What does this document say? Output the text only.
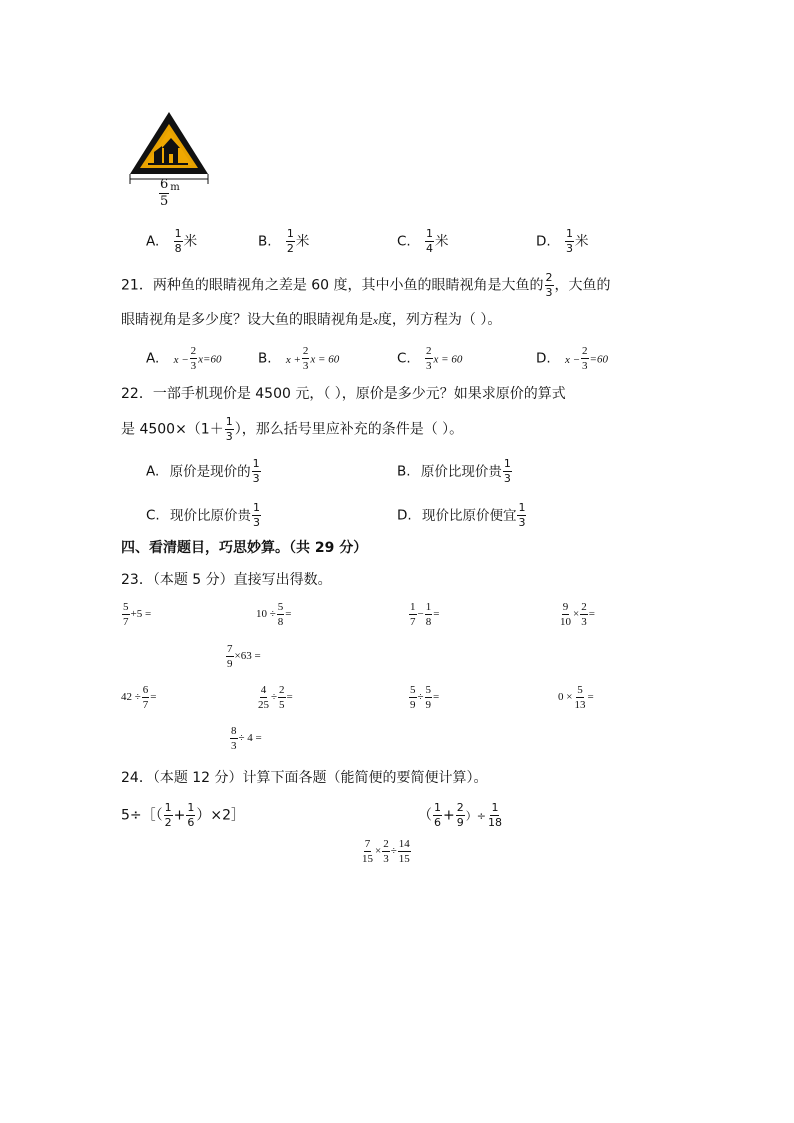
$\frac{6}{5} ^m$
A. $\frac{1}{8}$ 米	B. $\frac{1}{2}$ 米	C. $\frac{1}{4}$ 米	D. $\frac{1}{3}$ 米
21．两种鱼的眼睛视角之差是 60 度，其中小鱼的眼睛视角是大鱼的 $\frac{2}{3}$ ，大鱼的
眼睛视角是多少度？设大鱼的眼睛视角是x度，列方程为（ ）。
A. $x - \frac{2}{3} x=60$	B. $x + \frac{2}{3}$ x = 60	C. $\frac{2}{3}$ x = 60	D. $x - \frac{2}{3} =60$
22．一部手机现价是 4500 元，（ ），原价是多少元？如果求原价的算式
是 $4500\times(1+ \frac{1}{3}$ ），那么括号里应补充的条件是（ ）。
A. 原价是现价的 $\frac{1}{3}$	B. 原价比现价贵 $\frac{1}{3}$
C. 现价比原价贵 $\frac{1}{3}$	D. 现价比原价便宜 $\frac{1}{3}$
四、看清题目，巧思妙算。（共 29 分）
23．（本题 5 分）直接写出得数。
$\frac{5}{7} +5$ =	$10 \div \frac{5}{8}$ =	$\frac{1}{7} - \frac{1}{8}$ =	$\frac{9}{10} \times \frac{2}{3}$ =
$\frac{7}{9} \times 63$ =
$42 \div \frac{6}{7}$ =	$\frac{4}{25} \div \frac{2}{5}$ =	$\frac{5}{9} \div \frac{5}{9}$ =	$0 \times \frac{5}{13}$ =
$\frac{8}{3} \div 4$ =
24．（本题 12 分）计算下面各题（能简便的要简便计算）。
5÷［（ $\frac{1}{2} + \frac{1}{6}$ ）×2］	（ $\frac{1}{6} + \frac{2}{9}$ ）÷ $\frac{1}{18}$
$\frac{7}{15} \times \frac{2}{3} \div \frac{14}{15}$
